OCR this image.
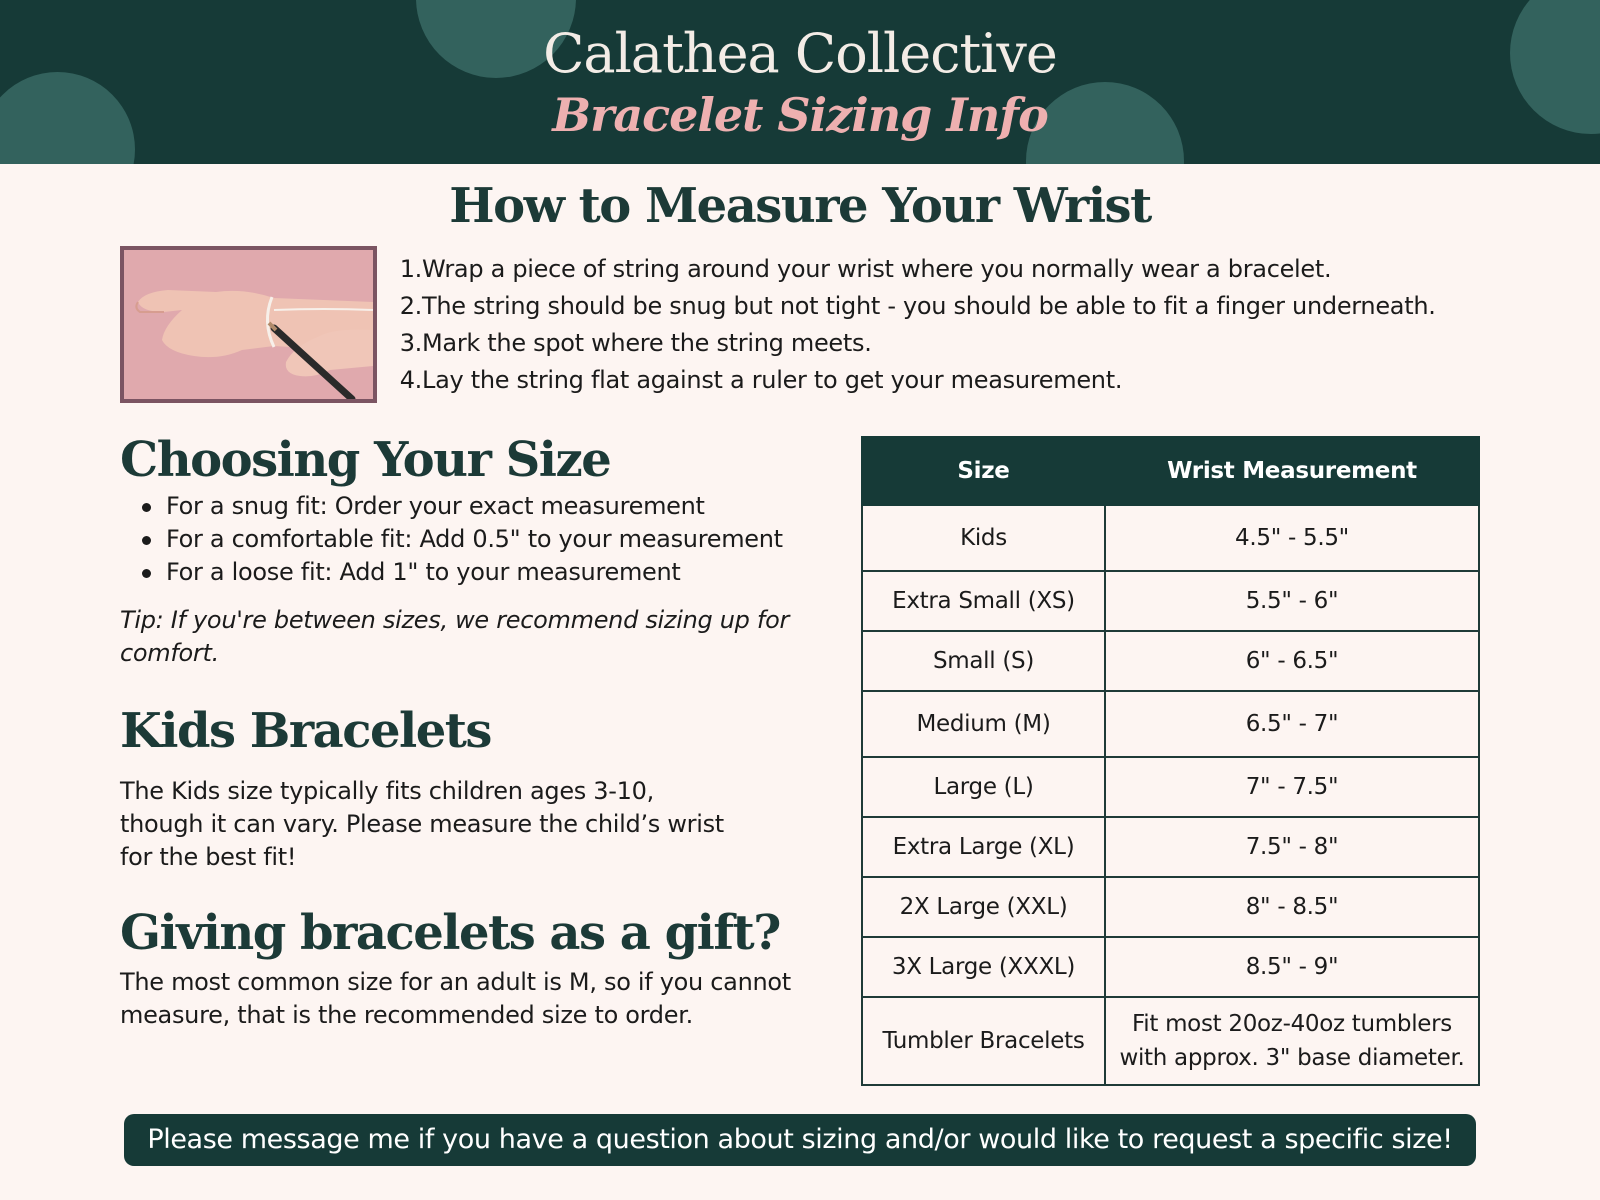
Calathea Collective
Bracelet Sizing Info
How to Measure Your Wrist
1. Wrap a piece of string around your wrist where you normally wear a bracelet.
2. The string should be snug but not tight - you should be able to fit a finger underneath.
3. Mark the spot where the string meets.
4. Lay the string flat against a ruler to get your measurement.
Choosing Your Size
For a snug fit: Order your exact measurement
For a comfortable fit: Add 0.5" to your measurement
For a loose fit: Add 1" to your measurement

Tip: If you're between sizes, we recommend sizing up for comfort.

Kids Bracelets

The Kids size typically fits children ages 3-10, though it can vary. Please measure the child’s wrist for the best fit!

Giving bracelets as a gift?

The most common size for an adult is M, so if you cannot measure, that is the recommended size to order.

Size	Wrist Measurement
Kids	4.5" - 5.5"
Extra Small (XS)	5.5" - 6"
Small (S)	6" - 6.5"
Medium (M)	6.5" - 7"
Large (L)	7" - 7.5"
Extra Large (XL)	7.5" - 8"
2X Large (XXL)	8" - 8.5"
3X Large (XXXL)	8.5" - 9"
Tumbler Bracelets	Fit most 20oz-40oz tumblers with approx. 3" base diameter.
Please message me if you have a question about sizing and/or would like to request a specific size!
